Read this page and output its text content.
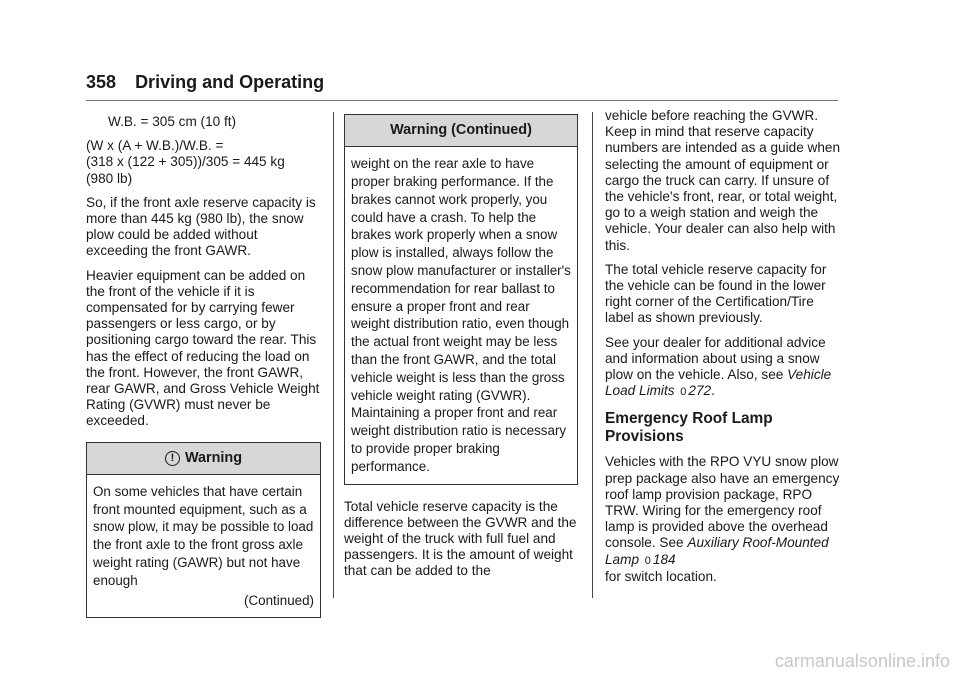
358 Driving and Operating

W.B. = 305 cm (10 ft)

(W x (A + W.B.)/W.B. =
(318 x (122 + 305))/305 = 445 kg
(980 lb)

So, if the front axle reserve capacity is more than 445 kg (980 lb), the snow plow could be added without exceeding the front GAWR.

Heavier equipment can be added on the front of the vehicle if it is compensated for by carrying fewer passengers or less cargo, or by positioning cargo toward the rear. This has the effect of reducing the load on the front. However, the front GAWR, rear GAWR, and Gross Vehicle Weight Rating (GVWR) must never be exceeded.

! Warning
On some vehicles that have certain front mounted equipment, such as a snow plow, it may be possible to load the front axle to the front gross axle weight rating (GAWR) but not have enough
(Continued)
Warning (Continued)
weight on the rear axle to have proper braking performance. If the brakes cannot work properly, you could have a crash. To help the brakes work properly when a snow plow is installed, always follow the snow plow manufacturer or installer's recommendation for rear ballast to ensure a proper front and rear weight distribution ratio, even though the actual front weight may be less than the front GAWR, and the total vehicle weight is less than the gross vehicle weight rating (GVWR). Maintaining a proper front and rear weight distribution ratio is necessary to provide proper braking performance.

Total vehicle reserve capacity is the difference between the GVWR and the weight of the truck with full fuel and passengers. It is the amount of weight that can be added to the

vehicle before reaching the GVWR. Keep in mind that reserve capacity numbers are intended as a guide when selecting the amount of equipment or cargo the truck can carry. If unsure of the vehicle's front, rear, or total weight, go to a weigh station and weigh the vehicle. Your dealer can also help with this.

The total vehicle reserve capacity for the vehicle can be found in the lower right corner of the Certification/Tire label as shown previously.

See your dealer for additional advice and information about using a snow plow on the vehicle. Also, see Vehicle Load Limits 0 272.

Emergency Roof Lamp Provisions

Vehicles with the RPO VYU snow plow prep package also have an emergency roof lamp provision package, RPO TRW. Wiring for the emergency roof lamp is provided above the overhead console. See Auxiliary Roof-Mounted Lamp 0 184
for switch location.

carmanualsonline.info
